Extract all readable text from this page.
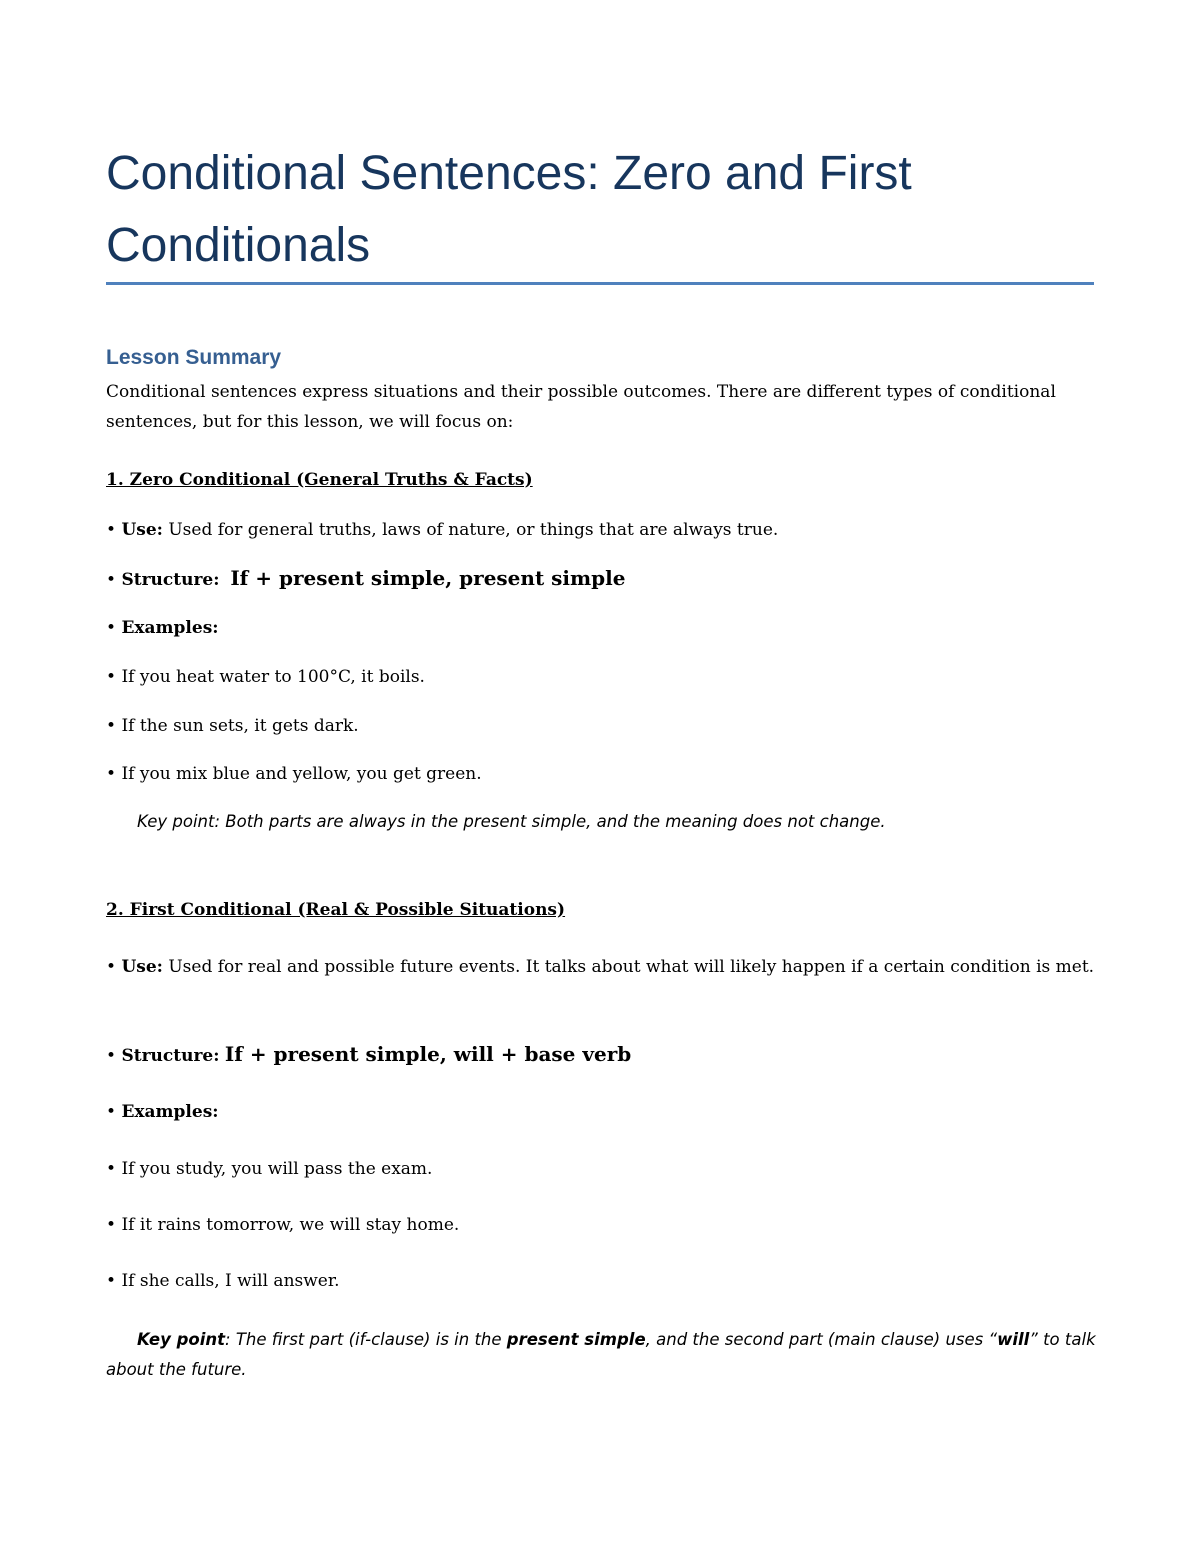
Conditional Sentences: Zero and First
Conditionals
Lesson Summary
Conditional sentences express situations and their possible outcomes. There are different types of conditional sentences, but for this lesson, we will focus on:
1. Zero Conditional (General Truths & Facts)
• Use: Used for general truths, laws of nature, or things that are always true.
• Structure: If + present simple, present simple
• Examples:
• If you heat water to 100°C, it boils.
• If the sun sets, it gets dark.
• If you mix blue and yellow, you get green.
Key point: Both parts are always in the present simple, and the meaning does not change.
2. First Conditional (Real & Possible Situations)
• Use: Used for real and possible future events. It talks about what will likely happen if a certain condition is met.
• Structure: If + present simple, will + base verb
• Examples:
• If you study, you will pass the exam.
• If it rains tomorrow, we will stay home.
• If she calls, I will answer.
Key point: The first part (if-clause) is in the present simple, and the second part (main clause) uses “will” to talk about the future.
